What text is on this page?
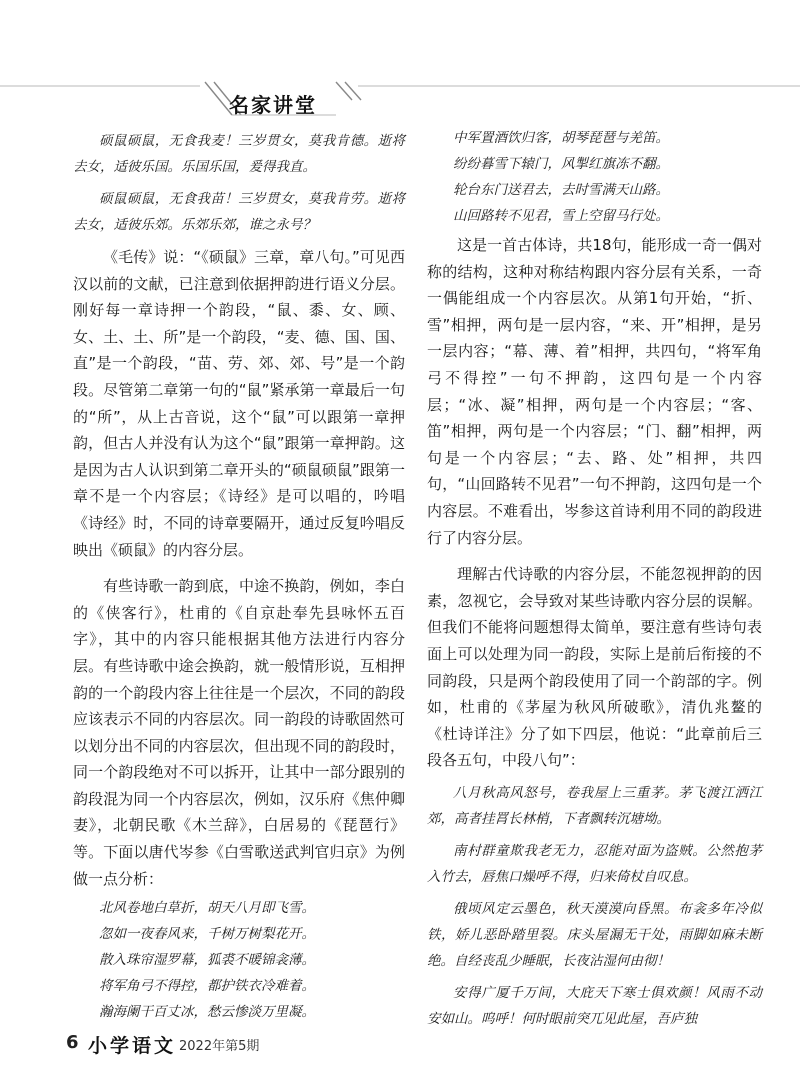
名家讲堂

硕鼠硕鼠，无食我麦！三岁贯女，莫我肯德。逝将去女，适彼乐国。乐国乐国，爰得我直。

硕鼠硕鼠，无食我苗！三岁贯女，莫我肯劳。逝将去女，适彼乐郊。乐郊乐郊，谁之永号？

《毛传》说：“《硕鼠》三章，章八句。”可见西汉以前的文献，已注意到依据押韵进行语义分层。刚好每一章诗押一个韵段，“鼠、黍、女、顾、女、土、土、所”是一个韵段，“麦、德、国、国、直”是一个韵段，“苗、劳、郊、郊、号”是一个韵段。尽管第二章第一句的“鼠”紧承第一章最后一句的“所”，从上古音说，这个“鼠”可以跟第一章押韵，但古人并没有认为这个“鼠”跟第一章押韵。这是因为古人认识到第二章开头的“硕鼠硕鼠”跟第一章不是一个内容层；《诗经》是可以唱的，吟唱《诗经》时，不同的诗章要隔开，通过反复吟唱反映出《硕鼠》的内容分层。

有些诗歌一韵到底，中途不换韵，例如，李白的《侠客行》，杜甫的《自京赴奉先县咏怀五百字》，其中的内容只能根据其他方法进行内容分层。有些诗歌中途会换韵，就一般情形说，互相押韵的一个韵段内容上往往是一个层次，不同的韵段应该表示不同的内容层次。同一韵段的诗歌固然可以划分出不同的内容层次，但出现不同的韵段时，同一个韵段绝对不可以拆开，让其中一部分跟别的韵段混为同一个内容层次，例如，汉乐府《焦仲卿妻》，北朝民歌《木兰辞》，白居易的《琵琶行》等。下面以唐代岑参《白雪歌送武判官归京》为例做一点分析：

北风卷地白草折，胡天八月即飞雪。

忽如一夜春风来，千树万树梨花开。

散入珠帘湿罗幕，狐裘不暖锦衾薄。

将军角弓不得控，都护铁衣冷难着。

瀚海阑干百丈冰，愁云惨淡万里凝。

中军置酒饮归客，胡琴琵琶与羌笛。

纷纷暮雪下辕门，风掣红旗冻不翻。

轮台东门送君去，去时雪满天山路。

山回路转不见君，雪上空留马行处。

这是一首古体诗，共18句，能形成一奇一偶对称的结构，这种对称结构跟内容分层有关系，一奇一偶能组成一个内容层次。从第1句开始，“折、雪”相押，两句是一层内容，“来、开”相押，是另一层内容；“幕、薄、着”相押，共四句，“将军角弓不得控”一句不押韵，这四句是一个内容层；“冰、凝”相押，两句是一个内容层；“客、笛”相押，两句是一个内容层；“门、翻”相押，两句是一个内容层；“去、路、处”相押，共四句，“山回路转不见君”一句不押韵，这四句是一个内容层。不难看出，岑参这首诗利用不同的韵段进行了内容分层。

理解古代诗歌的内容分层，不能忽视押韵的因素，忽视它，会导致对某些诗歌内容分层的误解。但我们不能将问题想得太简单，要注意有些诗句表面上可以处理为同一韵段，实际上是前后衔接的不同韵段，只是两个韵段使用了同一个韵部的字。例如，杜甫的《茅屋为秋风所破歌》，清仇兆鳌的《杜诗详注》分了如下四层，他说：“此章前后三段各五句，中段八句”：

八月秋高风怒号，卷我屋上三重茅。茅飞渡江洒江郊，高者挂罥长林梢，下者飘转沉塘坳。

南村群童欺我老无力，忍能对面为盗贼。公然抱茅入竹去，唇焦口燥呼不得，归来倚杖自叹息。

俄顷风定云墨色，秋天漠漠向昏黑。布衾多年冷似铁，娇儿恶卧踏里裂。床头屋漏无干处，雨脚如麻未断绝。自经丧乱少睡眠，长夜沾湿何由彻！

安得广厦千万间，大庇天下寒士俱欢颜！风雨不动安如山。呜呼！何时眼前突兀见此屋，吾庐独

6 小学语文 2022年第5期
